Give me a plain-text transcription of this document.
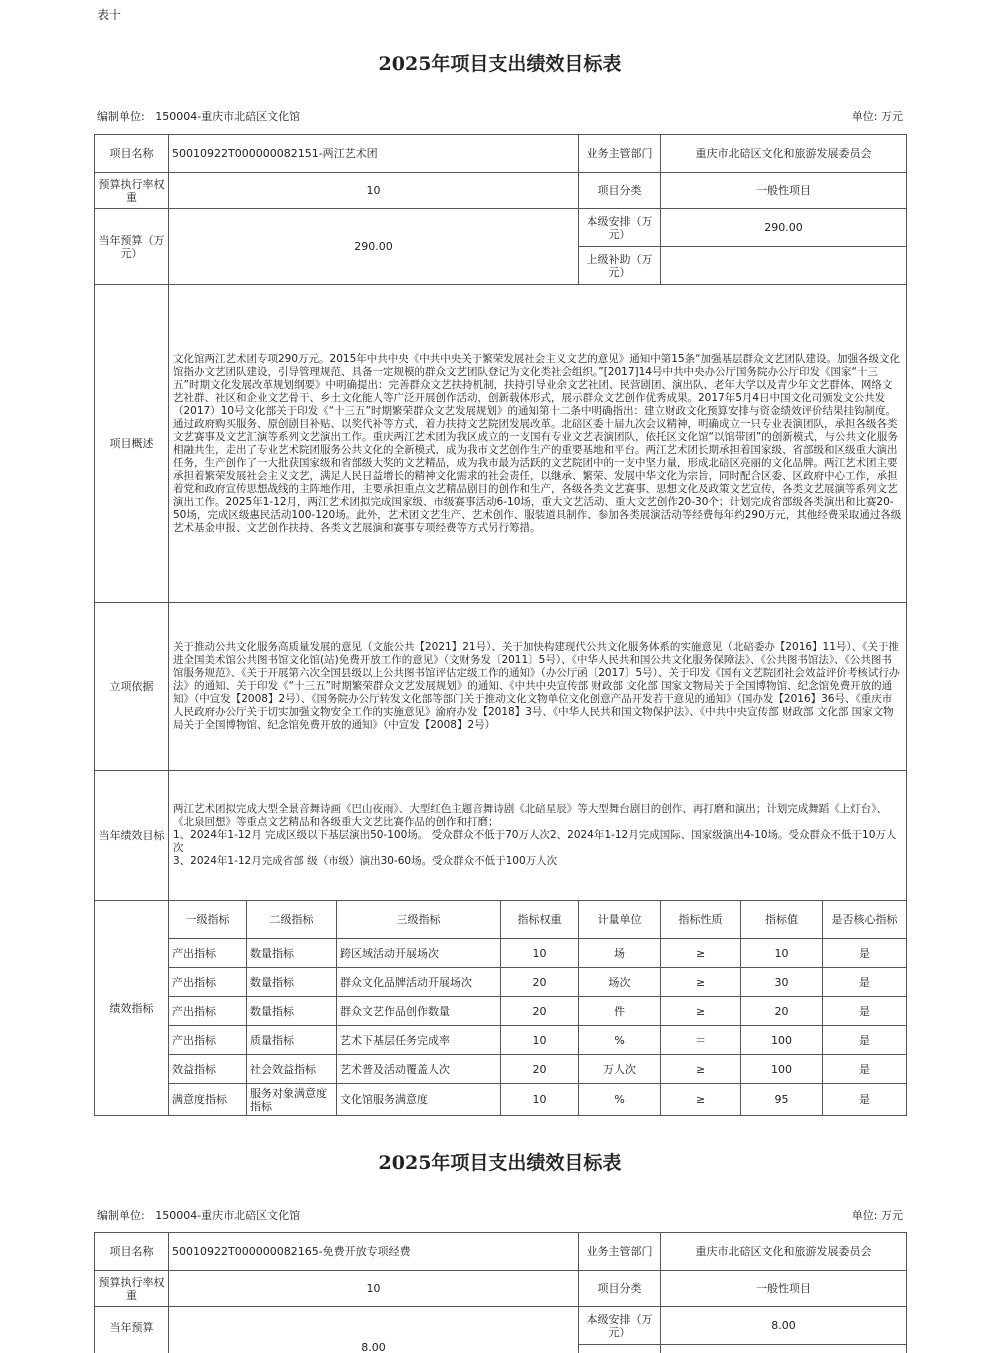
表十
2025年项目支出绩效目标表
编制单位: 150004-重庆市北碚区文化馆	单位: 万元
项目名称	50010922T000000082151-两江艺术团				业务主管部门	重庆市北碚区文化和旅游发展委员会		
预算执行率权重	10				项目分类	一般性项目		
当年预算（万元）	290.00				本级安排（万元）	290.00		
					上级补助（万元）			
项目概述	文化馆两江艺术团专项290万元。2015年中共中央《中共中央关于繁荣发展社会主义文艺的意见》通知中第15条“加强基层群众文艺团队建设。加强各级文化馆指办文艺团队建设，引导管理规范、具备一定规模的群众文艺团队登记为文化类社会组织。”[2017]14号中共中央办公厅国务院办公厅印发《国家“十三五”时期文化发展改革规划纲要》中明确提出：完善群众文艺扶持机制，扶持引导业余文艺社团、民营剧团、演出队、老年大学以及青少年文艺群体、网络文艺社群、社区和企业文艺骨干、乡土文化能人等广泛开展创作活动，创新载体形式，展示群众文艺创作优秀成果。2017年5月4日中国文化司颁发文公共发（2017）10号文化部关于印发《“十三五”时期繁荣群众文艺发展规划》的通知第十二条中明确指出：建立财政文化预算安排与资金绩效评价结果挂钩制度。通过政府购买服务、原创剧目补贴、以奖代补等方式，着力扶持文艺院团发展改革。北碚区委十届九次会议精神，明确成立一只专业表演团队，承担各级各类文艺赛事及文艺汇演等系列文艺演出工作。重庆两江艺术团为我区成立的一支国有专业文艺表演团队，依托区文化馆“以馆带团”的创新模式，与公共文化服务相融共生，走出了专业艺术院团服务公共文化的全新模式，成为我市文艺创作生产的重要基地和平台。两江艺术团长期承担着国家级、省部级和区级重大演出任务，生产创作了一大批获国家级和省部级大奖的文艺精品，成为我市最为活跃的文艺院团中的一支中坚力量，形成北碚区亮丽的文化品牌。两江艺术团主要承担着繁荣发展社会主义文艺，满足人民日益增长的精神文化需求的社会责任，以继承、繁荣、发展中华文化为宗旨，同时配合区委、区政府中心工作，承担着党和政府宣传思想战线的主阵地作用，主要承担重点文艺精品剧目的创作和生产，各级各类文艺赛事、思想文化及政策文艺宣传，各类文艺展演等系列文艺演出工作。2025年1-12月，两江艺术团拟完成国家级、市级赛事活动6-10场，重大文艺活动、重大文艺创作20-30个；计划完成省部级各类演出和比赛20-50场，完成区级惠民活动100-120场。此外，艺术团文艺生产、艺术创作、服装道具制作、参加各类展演活动等经费每年约290万元，其他经费采取通过各级艺术基金申报、文艺创作扶持、各类文艺展演和赛事专项经费等方式另行筹措。							
立项依据	关于推动公共文化服务高质量发展的意见（文旅公共【2021】21号）、关于加快构建现代公共文化服务体系的实施意见（北碚委办【2016】11号）、《关于推进全国美术馆公共图书馆文化馆(站)免费开放工作的意见》（文财务发〔2011〕5号）、《中华人民共和国公共文化服务保障法》、《公共图书馆法》、《公共图书馆服务规范》、《关于开展第六次全国县级以上公共图书馆评估定级工作的通知》（办公厅函〔2017〕5号）、关于印发《国有文艺院团社会效益评价考核试行办法》的通知、关于印发《“十三五”时期繁荣群众文艺发展规划》的通知、《中共中央宣传部 财政部 文化部 国家文物局关于全国博物馆、纪念馆免费开放的通知》（中宣发【2008】2号）、《国务院办公厅转发文化部等部门关于推动文化文物单位文化创意产品开发若干意见的通知》（国办发【2016】36号、《重庆市人民政府办公厅关于切实加强文物安全工作的实施意见》渝府办发【2018】3号、《中华人民共和国文物保护法》、《中共中央宣传部 财政部 文化部 国家文物局关于全国博物馆、纪念馆免费开放的通知》（中宣发【2008】2号）							
当年绩效目标	两江艺术团拟完成大型全景音舞诗画《巴山夜雨》、大型红色主题音舞诗剧《北碚星辰》等大型舞台剧目的创作、再打磨和演出；计划完成舞蹈《上灯台》、《北泉回想》等重点文艺精品和各级重大文艺比赛作品的创作和打磨；
1、2024年1-12月 完成区级以下基层演出50-100场。 受众群众不低于70万人次2、2024年1-12月完成国际、国家级演出4-10场。受众群众不低于10万人次
3、2024年1-12月完成省部 级（市级）演出30-60场。受众群众不低于100万人次							

绩效指标	一级指标	二级指标	三级指标	指标权重	计量单位	指标性质	指标值	是否核心指标
	产出指标	数量指标	跨区域活动开展场次	10	场	≥	10	是
	产出指标	数量指标	群众文化品牌活动开展场次	20	场次	≥	30	是
	产出指标	数量指标	群众文艺作品创作数量	20	件	≥	20	是
	产出指标	质量指标	艺术下基层任务完成率	10	%	＝	100	是
	效益指标	社会效益指标	艺术普及活动覆盖人次	20	万人次	≥	100	是
	满意度指标	服务对象满意度指标	文化馆服务满意度	10	%	≥	95	是
2025年项目支出绩效目标表
编制单位: 150004-重庆市北碚区文化馆	单位: 万元
项目名称	50010922T000000082165-免费开放专项经费	业务主管部门	重庆市北碚区文化和旅游发展委员会
预算执行率权重	10	项目分类	一般性项目
当年预算	8.00	本级安排（万元）	8.00
